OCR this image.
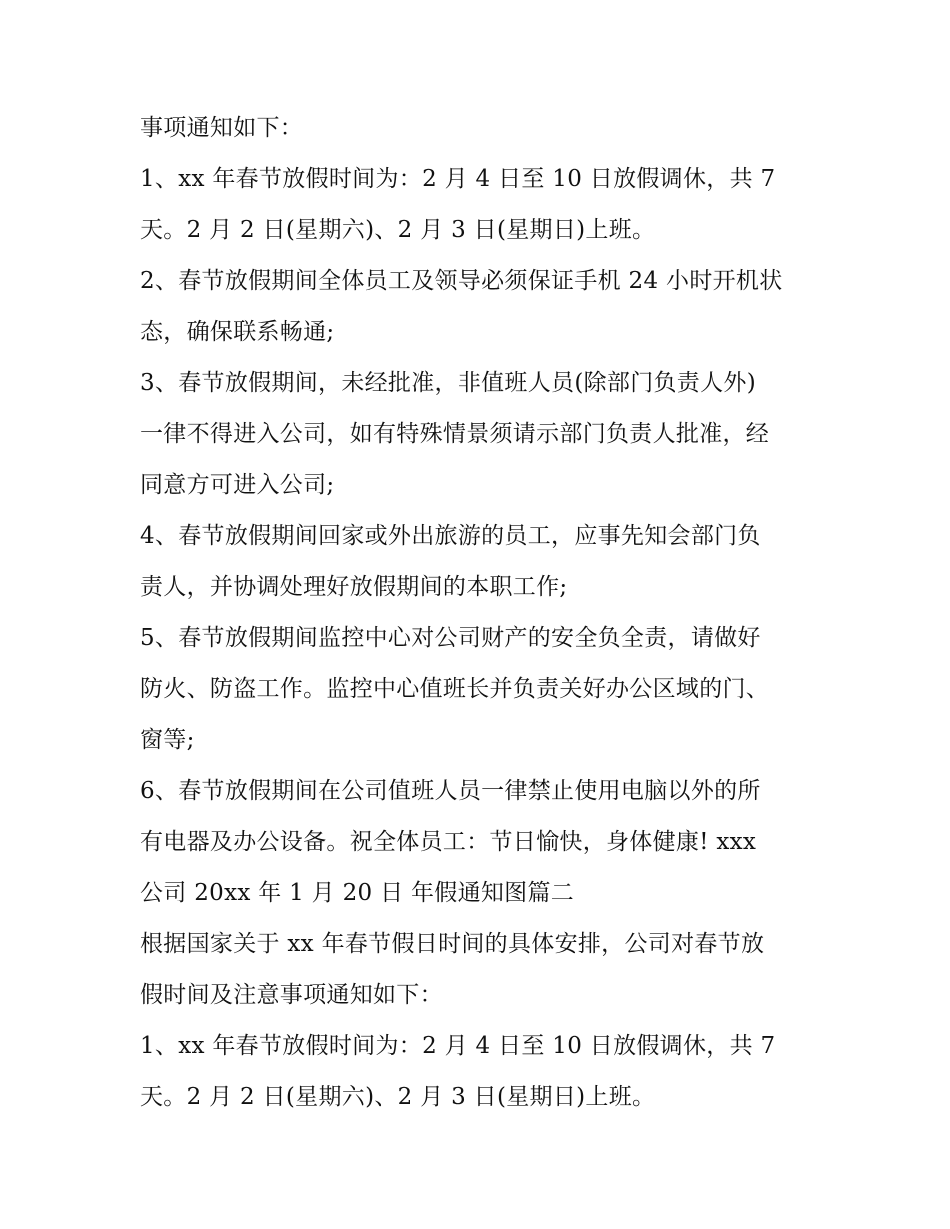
事项通知如下：
1、xx 年春节放假时间为：2 月 4 日至 10 日放假调休，共 7
天。2 月 2 日(星期六)、2 月 3 日(星期日)上班。
2、春节放假期间全体员工及领导必须保证手机 24 小时开机状
态，确保联系畅通;
3、春节放假期间，未经批准，非值班人员(除部门负责人外)
一律不得进入公司，如有特殊情景须请示部门负责人批准，经
同意方可进入公司;
4、春节放假期间回家或外出旅游的员工，应事先知会部门负
责人，并协调处理好放假期间的本职工作;
5、春节放假期间监控中心对公司财产的安全负全责，请做好
防火、防盗工作。监控中心值班长并负责关好办公区域的门、
窗等;
6、春节放假期间在公司值班人员一律禁止使用电脑以外的所
有电器及办公设备。祝全体员工：节日愉快，身体健康! xxx
公司 20xx 年 1 月 20 日 年假通知图篇二
根据国家关于 xx 年春节假日时间的具体安排，公司对春节放
假时间及注意事项通知如下：
1、xx 年春节放假时间为：2 月 4 日至 10 日放假调休，共 7
天。2 月 2 日(星期六)、2 月 3 日(星期日)上班。
